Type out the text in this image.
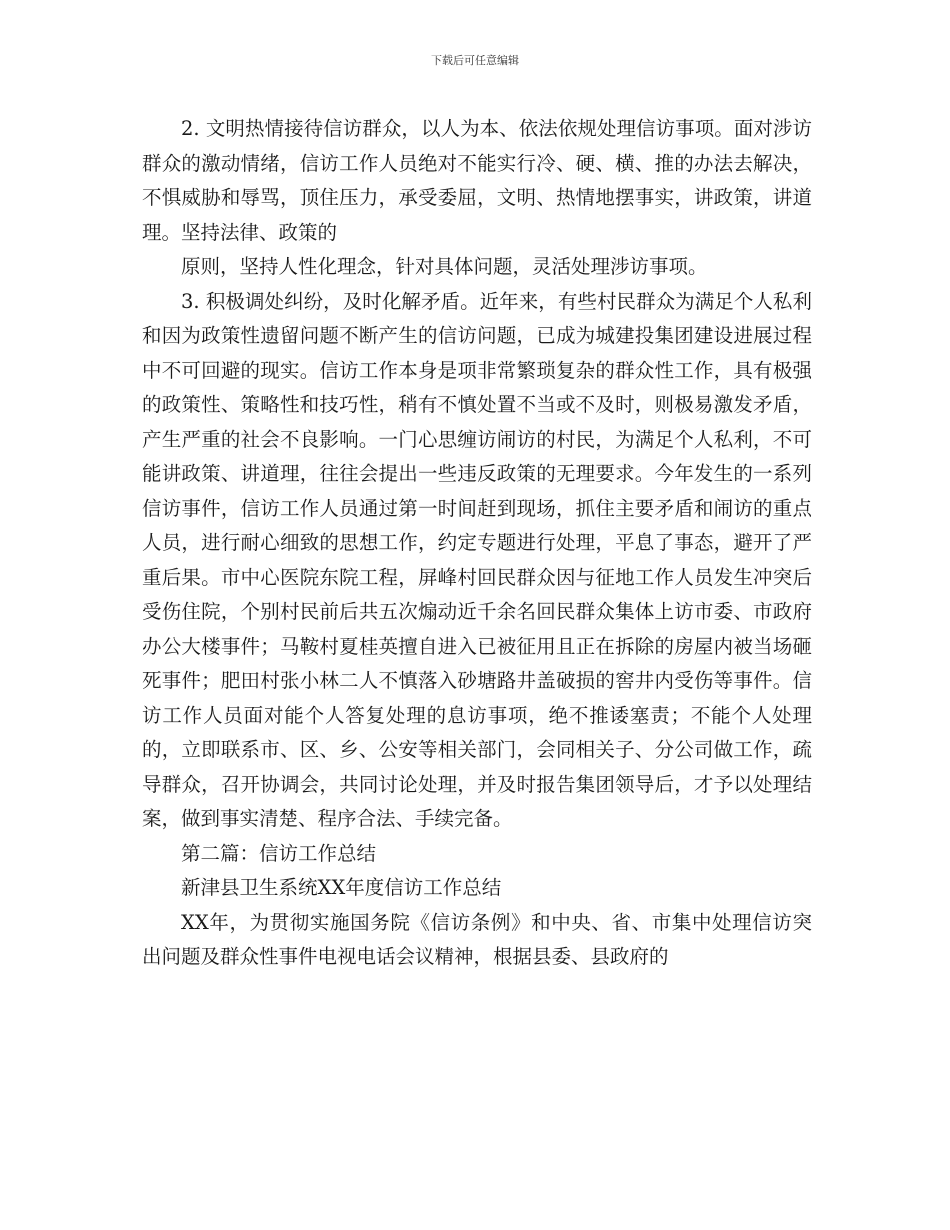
下载后可任意编辑

2. 文明热情接待信访群众，以人为本、依法依规处理信访事项。面对涉访群众的激动情绪，信访工作人员绝对不能实行冷、硬、横、推的办法去解决，不惧威胁和辱骂，顶住压力，承受委屈，文明、热情地摆事实，讲政策，讲道理。坚持法律、政策的

原则，坚持人性化理念，针对具体问题，灵活处理涉访事项。

3. 积极调处纠纷，及时化解矛盾。近年来，有些村民群众为满足个人私利和因为政策性遗留问题不断产生的信访问题，已成为城建投集团建设进展过程中不可回避的现实。信访工作本身是项非常繁琐复杂的群众性工作，具有极强的政策性、策略性和技巧性，稍有不慎处置不当或不及时，则极易激发矛盾，产生严重的社会不良影响。一门心思缠访闹访的村民，为满足个人私利，不可能讲政策、讲道理，往往会提出一些违反政策的无理要求。今年发生的一系列信访事件，信访工作人员通过第一时间赶到现场，抓住主要矛盾和闹访的重点人员，进行耐心细致的思想工作，约定专题进行处理，平息了事态，避开了严重后果。市中心医院东院工程，屏峰村回民群众因与征地工作人员发生冲突后受伤住院，个别村民前后共五次煽动近千余名回民群众集体上访市委、市政府办公大楼事件；马鞍村夏桂英擅自进入已被征用且正在拆除的房屋内被当场砸死事件；肥田村张小林二人不慎落入砂塘路井盖破损的窖井内受伤等事件。信访工作人员面对能个人答复处理的息访事项，绝不推诿塞责；不能个人处理的，立即联系市、区、乡、公安等相关部门，会同相关子、分公司做工作，疏导群众，召开协调会，共同讨论处理，并及时报告集团领导后，才予以处理结案，做到事实清楚、程序合法、手续完备。

第二篇：信访工作总结

新津县卫生系统XX年度信访工作总结

XX年，为贯彻实施国务院《信访条例》和中央、省、市集中处理信访突出问题及群众性事件电视电话会议精神，根据县委、县政府的
